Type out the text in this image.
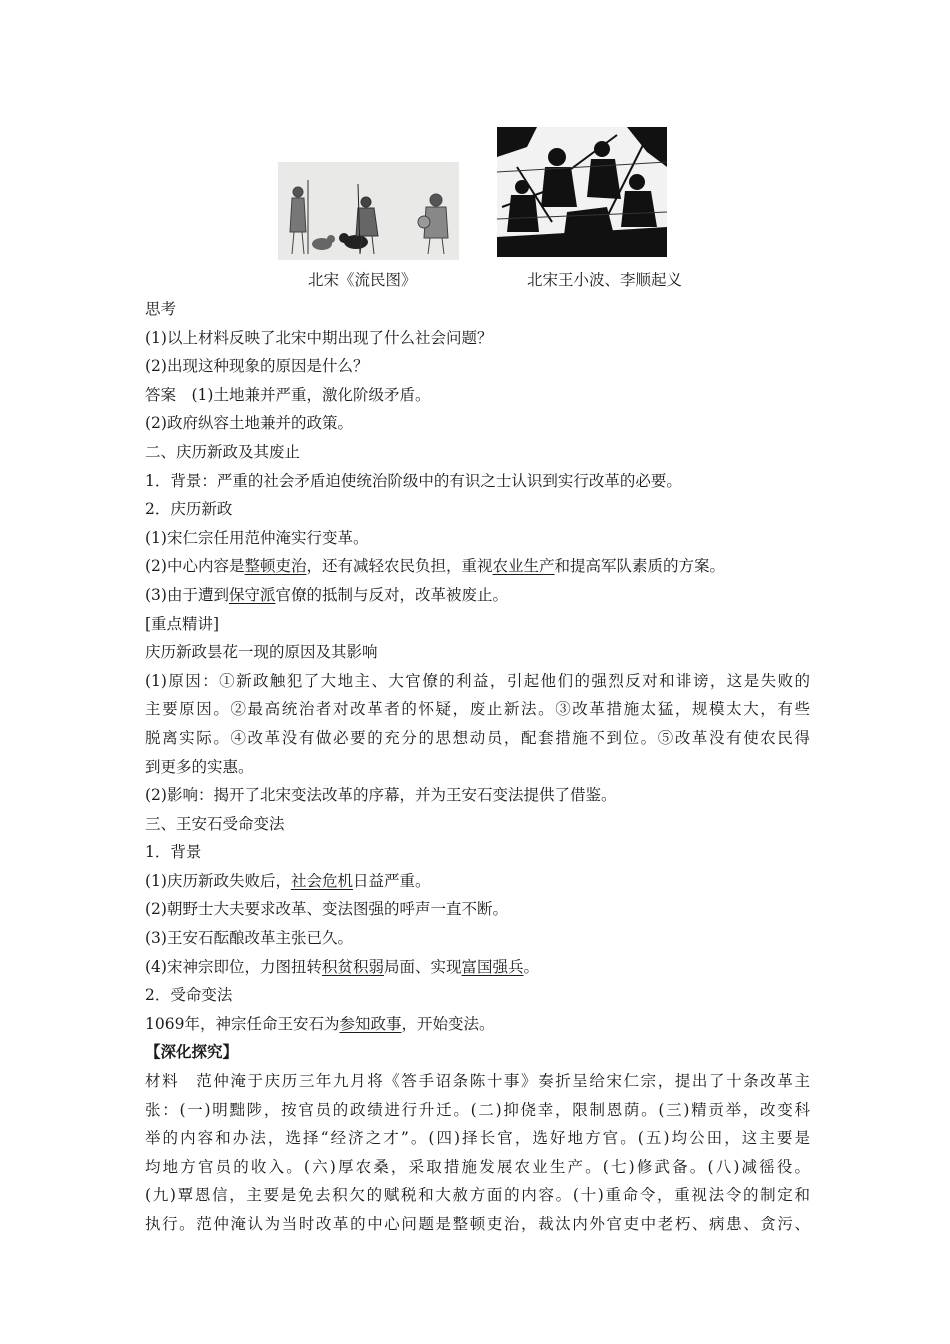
北宋《流民图》	北宋王小波、李顺起义
思考
(1)以上材料反映了北宋中期出现了什么社会问题？
(2)出现这种现象的原因是什么？
答案　(1)土地兼并严重，激化阶级矛盾。
(2)政府纵容土地兼并的政策。
二、庆历新政及其废止
1．背景：严重的社会矛盾迫使统治阶级中的有识之士认识到实行改革的必要。
2．庆历新政
(1)宋仁宗任用范仲淹实行变革。
(2)中心内容是整顿吏治，还有减轻农民负担，重视农业生产和提高军队素质的方案。
(3)由于遭到保守派官僚的抵制与反对，改革被废止。
[重点精讲]
庆历新政昙花一现的原因及其影响
(1)原因：①新政触犯了大地主、大官僚的利益，引起他们的强烈反对和诽谤，这是失败的
主要原因。②最高统治者对改革者的怀疑，废止新法。③改革措施太猛，规模太大，有些
脱离实际。④改革没有做必要的充分的思想动员，配套措施不到位。⑤改革没有使农民得
到更多的实惠。
(2)影响：揭开了北宋变法改革的序幕，并为王安石变法提供了借鉴。
三、王安石受命变法
1．背景
(1)庆历新政失败后，社会危机日益严重。
(2)朝野士大夫要求改革、变法图强的呼声一直不断。
(3)王安石酝酿改革主张已久。
(4)宋神宗即位，力图扭转积贫积弱局面、实现富国强兵。
2．受命变法
1069年，神宗任命王安石为参知政事，开始变法。
【深化探究】
材料　范仲淹于庆历三年九月将《答手诏条陈十事》奏折呈给宋仁宗，提出了十条改革主
张：(一)明黜陟，按官员的政绩进行升迁。(二)抑侥幸，限制恩荫。(三)精贡举，改变科
举的内容和办法，选择“经济之才”。(四)择长官，选好地方官。(五)均公田，这主要是
均地方官员的收入。(六)厚农桑，采取措施发展农业生产。(七)修武备。(八)减徭役。
(九)覃恩信，主要是免去积欠的赋税和大赦方面的内容。(十)重命令，重视法令的制定和
执行。范仲淹认为当时改革的中心问题是整顿吏治，裁汰内外官吏中老朽、病患、贪污、
